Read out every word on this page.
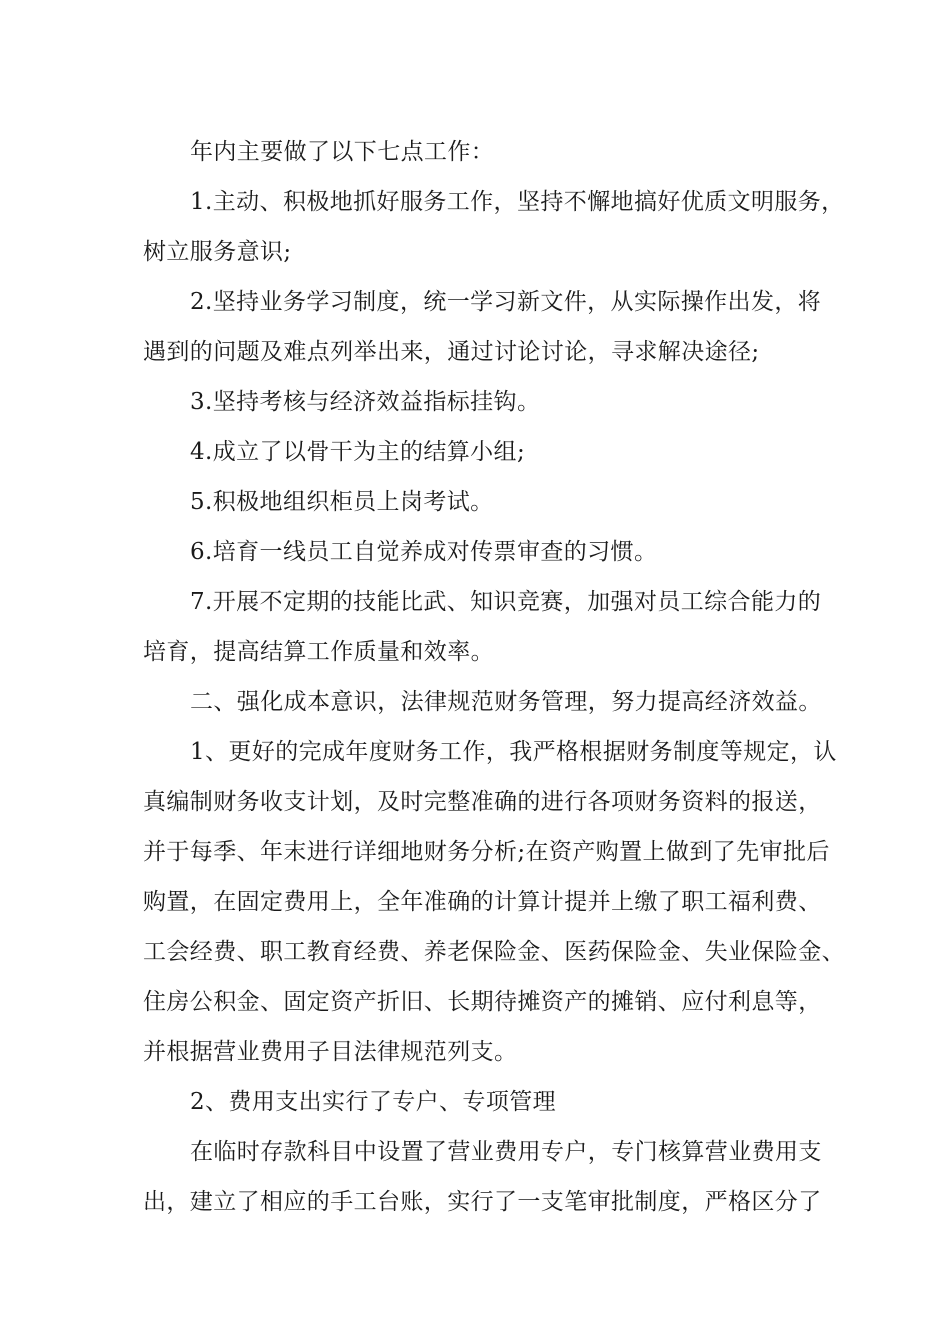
年内主要做了以下七点工作：
1.主动、积极地抓好服务工作，坚持不懈地搞好优质文明服务，
树立服务意识;
2.坚持业务学习制度，统一学习新文件，从实际操作出发，将
遇到的问题及难点列举出来，通过讨论讨论，寻求解决途径;
3.坚持考核与经济效益指标挂钩。
4.成立了以骨干为主的结算小组;
5.积极地组织柜员上岗考试。
6.培育一线员工自觉养成对传票审查的习惯。
7.开展不定期的技能比武、知识竞赛，加强对员工综合能力的
培育，提高结算工作质量和效率。
二、强化成本意识，法律规范财务管理，努力提高经济效益。
1、更好的完成年度财务工作，我严格根据财务制度等规定，认
真编制财务收支计划，及时完整准确的进行各项财务资料的报送，
并于每季、年末进行详细地财务分析;在资产购置上做到了先审批后
购置，在固定费用上，全年准确的计算计提并上缴了职工福利费、
工会经费、职工教育经费、养老保险金、医药保险金、失业保险金、
住房公积金、固定资产折旧、长期待摊资产的摊销、应付利息等，
并根据营业费用子目法律规范列支。
2、费用支出实行了专户、专项管理
在临时存款科目中设置了营业费用专户，专门核算营业费用支
出，建立了相应的手工台账，实行了一支笔审批制度，严格区分了
